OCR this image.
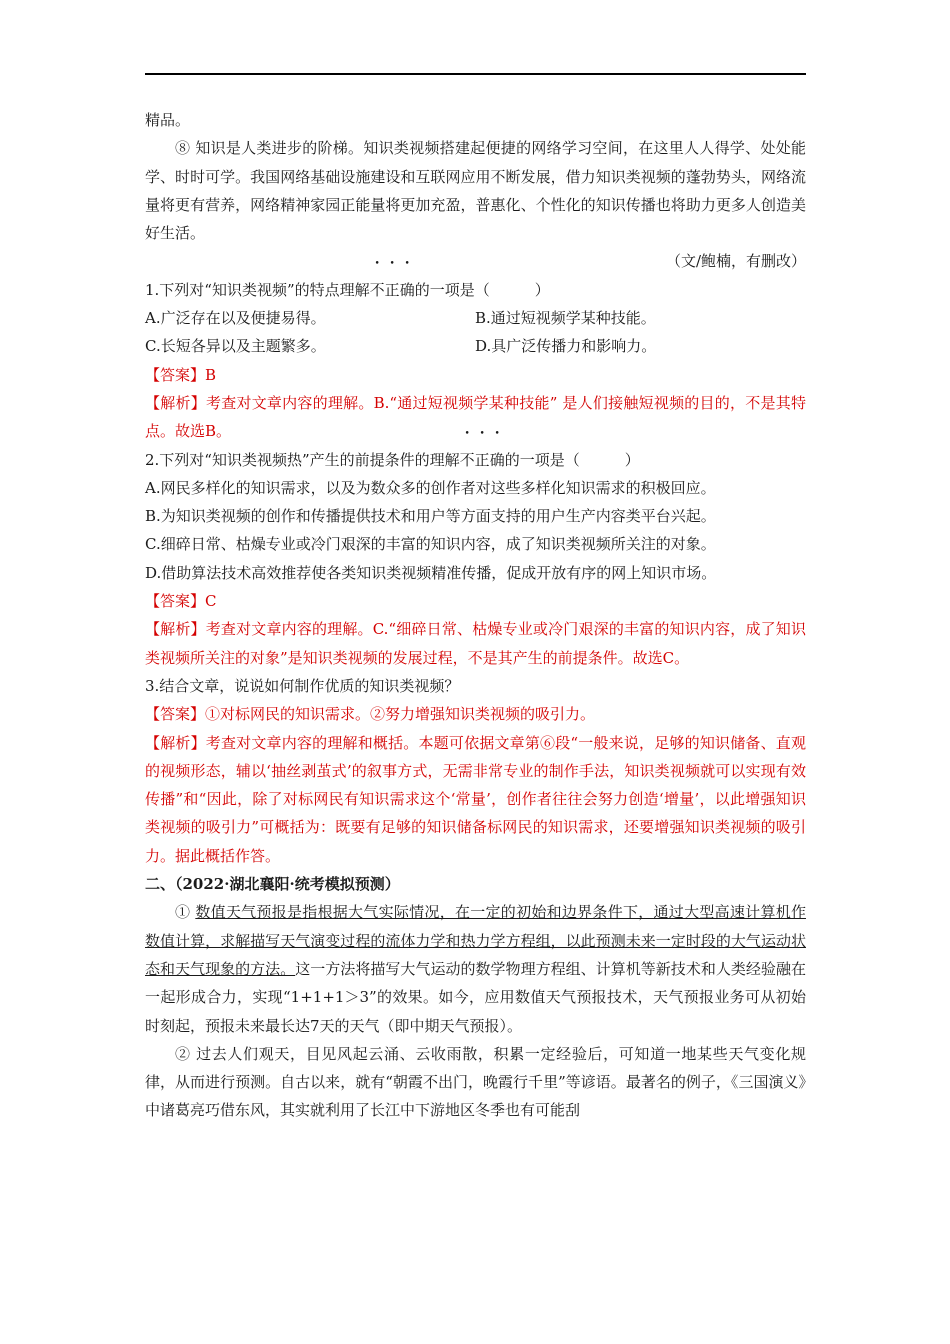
精品。

⑧ 知识是人类进步的阶梯。知识类视频搭建起便捷的网络学习空间，在这里人人得学、处处能学、时时可学。我国网络基础设施建设和互联网应用不断发展，借力知识类视频的蓬勃势头，网络流量将更有营养，网络精神家园正能量将更加充盈，普惠化、个性化的知识传播也将助力更多人创造美好生活。

（文/鲍楠，有删改）

1.下列对“知识类视频”的特点理解不正确的一项是（　　　）

A.广泛存在以及便捷易得。	B.通过短视频学某种技能。
C.长短各异以及主题繁多。	D.具广泛传播力和影响力。

【答案】B

【解析】考查对文章内容的理解。B.“通过短视频学某种技能” 是人们接触短视频的目的，不是其特点。故选B。

2.下列对“知识类视频热”产生的前提条件的理解不正确的一项是（　　　）

A.网民多样化的知识需求，以及为数众多的创作者对这些多样化知识需求的积极回应。

B.为知识类视频的创作和传播提供技术和用户等方面支持的用户生产内容类平台兴起。

C.细碎日常、枯燥专业或冷门艰深的丰富的知识内容，成了知识类视频所关注的对象。

D.借助算法技术高效推荐使各类知识类视频精准传播，促成开放有序的网上知识市场。

【答案】C

【解析】考查对文章内容的理解。C.“细碎日常、枯燥专业或冷门艰深的丰富的知识内容，成了知识类视频所关注的对象”是知识类视频的发展过程，不是其产生的前提条件。故选C。

3.结合文章，说说如何制作优质的知识类视频？

【答案】①对标网民的知识需求。②努力增强知识类视频的吸引力。

【解析】考查对文章内容的理解和概括。本题可依据文章第⑥段“一般来说，足够的知识储备、直观的视频形态，辅以‘抽丝剥茧式’的叙事方式，无需非常专业的制作手法，知识类视频就可以实现有效传播”和“因此，除了对标网民有知识需求这个‘常量’，创作者往往会努力创造‘增量’，以此增强知识类视频的吸引力”可概括为：既要有足够的知识储备标网民的知识需求，还要增强知识类视频的吸引力。据此概括作答。

二、（2022·湖北襄阳·统考模拟预测）

① 数值天气预报是指根据大气实际情况，在一定的初始和边界条件下，通过大型高速计算机作数值计算，求解描写天气演变过程的流体力学和热力学方程组，以此预测未来一定时段的大气运动状态和天气现象的方法。这一方法将描写大气运动的数学物理方程组、计算机等新技术和人类经验融在一起形成合力，实现“1+1+1＞3”的效果。如今，应用数值天气预报技术，天气预报业务可从初始时刻起，预报未来最长达7天的天气（即中期天气预报）。

② 过去人们观天，目见风起云涌、云收雨散，积累一定经验后，可知道一地某些天气变化规律，从而进行预测。自古以来，就有“朝霞不出门，晚霞行千里”等谚语。最著名的例子，《三国演义》中诸葛亮巧借东风，其实就利用了长江中下游地区冬季也有可能刮
